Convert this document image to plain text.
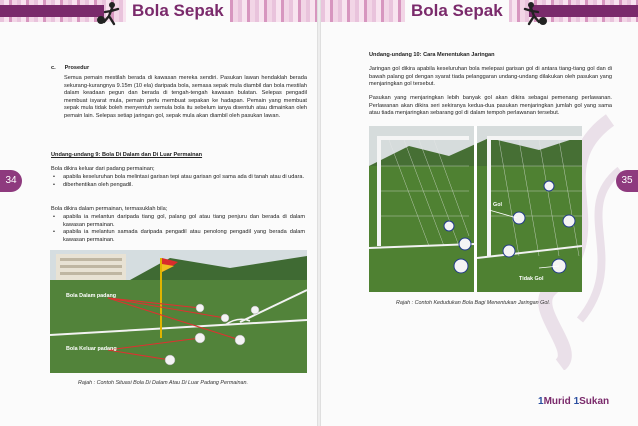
Bola Sepak	Bola Sepak
34	35
c. Prosedur
Semua pemain mestilah berada di kawasan mereka sendiri. Pasukan lawan hendaklah berada sekurang-kurangnya 9.15m (10 ela) daripada bola, semasa sepak mula diambil dan bola mestilah dalam keadaan pegun dan berada di tengah-tengah kawasan bulatan. Selepas pengadil membuat isyarat mula, pemain perlu membuat sepakan ke hadapan. Pemain yang membuat sepak mula tidak boleh menyentuh semula bola itu sebelum ianya disentuh atau dimainkan oleh pemain lain. Selepas setiap jaringan gol, sepak mula akan diambil oleh pasukan lawan.
Undang-undang 9: Bola Di Dalam dan Di Luar Permainan
Bola dikira keluar dari padang permainan;
• apabila keseluruhan bola melintasi garisan tepi atau garisan gol sama ada di tanah atau di udara.
• diberhentikan oleh pengadil.
Bola dikira dalam permainan, termasuklah bila;
• apabila ia melantun daripada tiang gol, palang gol atau tiang penjuru dan berada di dalam kawasan permainan.
• apabila ia melantun samada daripada pengadil atau penolong pengadil yang berada dalam kawasan permainan.
Bola Dalam padang
Bola Keluar padang
Rajah : Contoh Situasi Bola Di Dalam Atau Di Luar Padang Permainan.
Undang-undang 10: Cara Menentukan Jaringan
Jaringan gol dikira apabila keseluruhan bola melepasi garisan gol di antara tiang-tiang gol dan di bawah palang gol dengan syarat tiada pelanggaran undang-undang dilakukan oleh pasukan yang menjaringkan gol tersebut.
Gol
Tidak Gol
Rajah : Contoh Kedudukan Bola Bagi Menentukan Jaringan Gol.
Pasukan yang menjaringkan lebih banyak gol akan dikira sebagai pemenang perlawanan. Perlawanan akan dikira seri sekiranya kedua-dua pasukan menjaringkan jumlah gol yang sama atau tiada menjaringkan sebarang gol di dalam tempoh perlawanan tersebut.
1Murid 1Sukan
